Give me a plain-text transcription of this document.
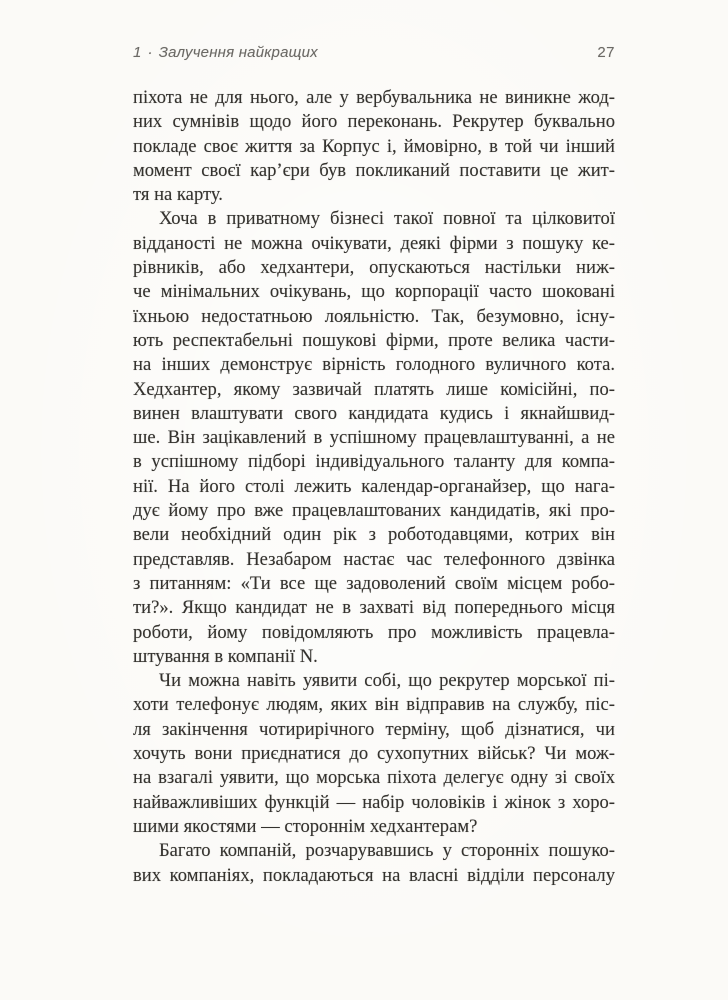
1 · Залучення найкращих	27
піхота не для нього, але у вербувальника не виникне жод-
них сумнівів щодо його переконань. Рекрутер буквально
покладе своє життя за Корпус і, ймовірно, в той чи інший
момент своєї кар’єри був покликаний поставити це жит-
тя на карту.
Хоча в приватному бізнесі такої повної та цілковитої
відданості не можна очікувати, деякі фірми з пошуку ке-
рівників, або хедхантери, опускаються настільки ниж-
че мінімальних очікувань, що корпорації часто шоковані
їхньою недостатньою лояльністю. Так, безумовно, існу-
ють респектабельні пошукові фірми, проте велика части-
на інших демонструє вірність голодного вуличного кота.
Хедхантер, якому зазвичай платять лише комісійні, по-
винен влаштувати свого кандидата кудись і якнайшвид-
ше. Він зацікавлений в успішному працевлаштуванні, а не
в успішному підборі індивідуального таланту для компа-
нії. На його столі лежить календар-органайзер, що нага-
дує йому про вже працевлаштованих кандидатів, які про-
вели необхідний один рік з роботодавцями, котрих він
представляв. Незабаром настає час телефонного дзвінка
з питанням: «Ти все ще задоволений своїм місцем робо-
ти?». Якщо кандидат не в захваті від попереднього місця
роботи, йому повідомляють про можливість працевла-
штування в компанії N.
Чи можна навіть уявити собі, що рекрутер морської пі-
хоти телефонує людям, яких він відправив на службу, піс-
ля закінчення чотирирічного терміну, щоб дізнатися, чи
хочуть вони приєднатися до сухопутних військ? Чи мож-
на взагалі уявити, що морська піхота делегує одну зі своїх
найважливіших функцій — набір чоловіків і жінок з хоро-
шими якостями — стороннім хедхантерам?
Багато компаній, розчарувавшись у сторонніх пошуко-
вих компаніях, покладаються на власні відділи персоналу
